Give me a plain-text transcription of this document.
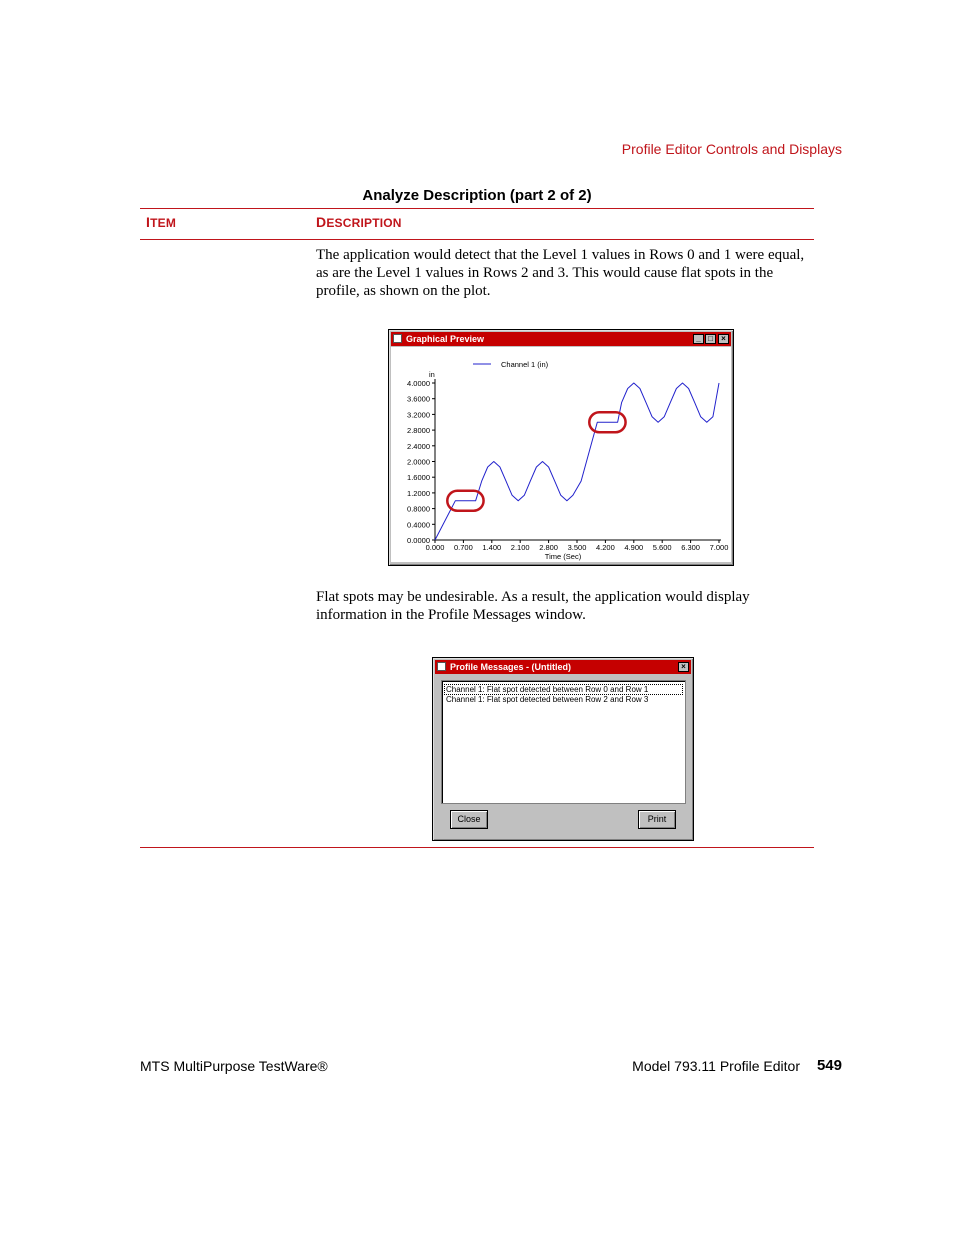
Profile Editor Controls and Displays
Analyze Description (part 2 of 2)
ITEM	DESCRIPTION
The application would detect that the Level 1 values in Rows 0 and 1 were equal, as are the Level 1 values in Rows 2 and 3. This would cause flat spots in the profile, as shown on the plot.
Graphical Preview	_ □	×
0.0000
0.4000
0.8000
1.2000
1.6000
2.0000
2.4000
2.8000
3.2000
3.6000
4.0000
0.000 0.700 1.400 2.100 2.800 3.500 4.200 4.900 5.600 6.300 7.000
in
Time (Sec)
Channel 1 (in)
Flat spots may be undesirable. As a result, the application would display information in the Profile Messages window.
Profile Messages - (Untitled)	×
Channel 1: Flat spot detected between Row 0 and Row 1
Channel 1: Flat spot detected between Row 2 and Row 3
Close	Print
MTS MultiPurpose TestWare®	Model 793.11 Profile Editor	549
